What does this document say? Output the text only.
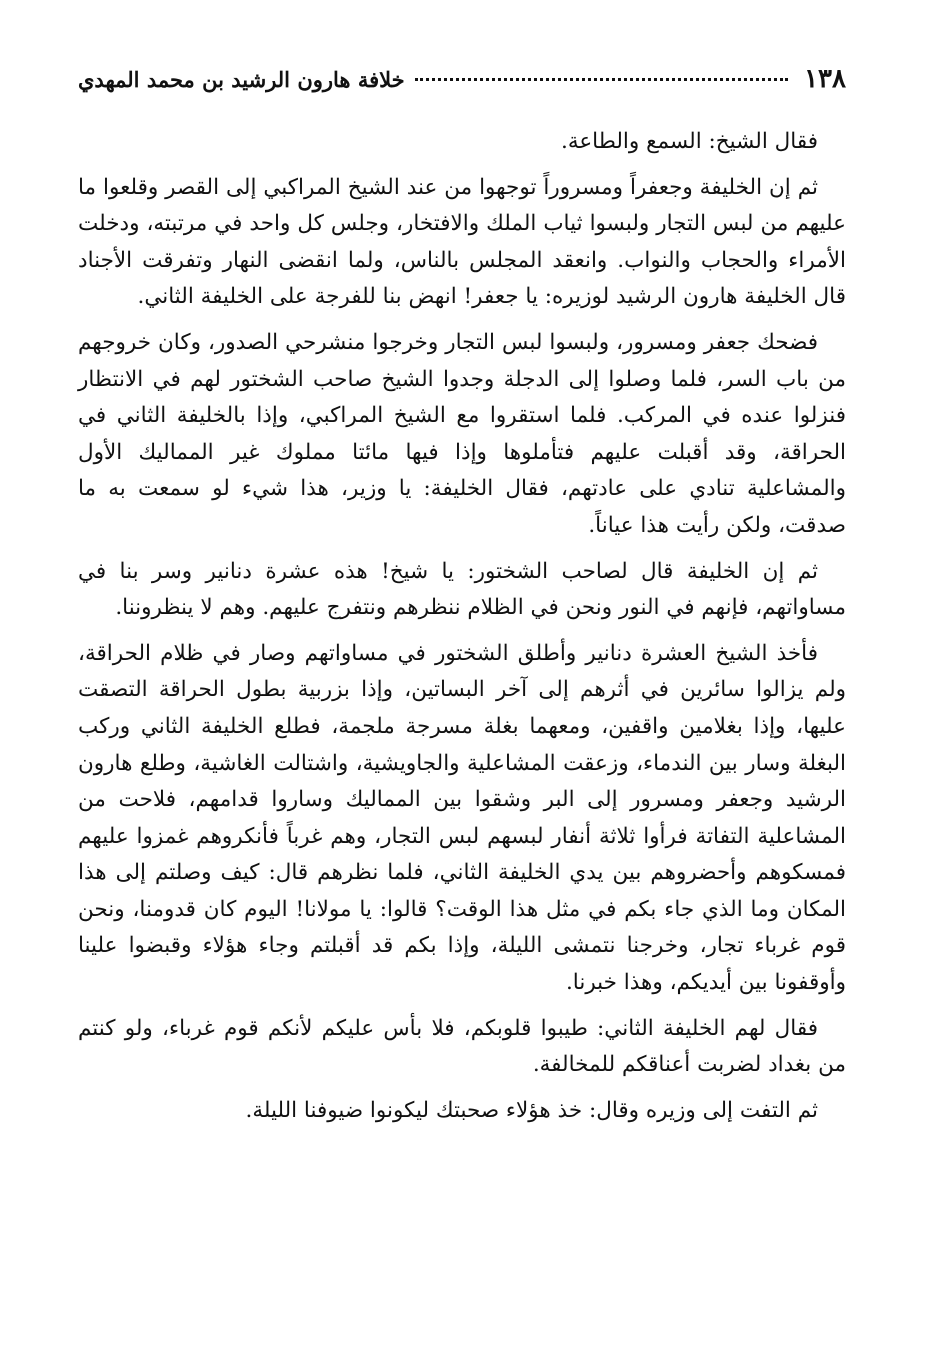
١٣٨
خلافة هارون الرشيد بن محمد المهدي

فقال الشيخ: السمع والطاعة.

ثم إن الخليفة وجعفراً ومسروراً توجهوا من عند الشيخ المراكبي إلى القصر وقلعوا ما عليهم من لبس التجار ولبسوا ثياب الملك والافتخار، وجلس كل واحد في مرتبته، ودخلت الأمراء والحجاب والنواب. وانعقد المجلس بالناس، ولما انقضى النهار وتفرقت الأجناد قال الخليفة هارون الرشيد لوزيره: يا جعفر! انهض بنا للفرجة على الخليفة الثاني.

فضحك جعفر ومسرور، ولبسوا لبس التجار وخرجوا منشرحي الصدور، وكان خروجهم من باب السر، فلما وصلوا إلى الدجلة وجدوا الشيخ صاحب الشختور لهم في الانتظار فنزلوا عنده في المركب. فلما استقروا مع الشيخ المراكبي، وإذا بالخليفة الثاني في الحراقة، وقد أقبلت عليهم فتأملوها وإذا فيها مائتا مملوك غير المماليك الأول والمشاعلية تنادي على عادتهم، فقال الخليفة: يا وزير، هذا شيء لو سمعت به ما صدقت، ولكن رأيت هذا عياناً.

ثم إن الخليفة قال لصاحب الشختور: يا شيخ! هذه عشرة دنانير وسر بنا في مساواتهم، فإنهم في النور ونحن في الظلام ننظرهم ونتفرج عليهم. وهم لا ينظروننا.

فأخذ الشيخ العشرة دنانير وأطلق الشختور في مساواتهم وصار في ظلام الحراقة، ولم يزالوا سائرين في أثرهم إلى آخر البساتين، وإذا بزربية بطول الحراقة التصقت عليها، وإذا بغلامين واقفين، ومعهما بغلة مسرجة ملجمة، فطلع الخليفة الثاني وركب البغلة وسار بين الندماء، وزعقت المشاعلية والجاويشية، واشتالت الغاشية، وطلع هارون الرشيد وجعفر ومسرور إلى البر وشقوا بين المماليك وساروا قدامهم، فلاحت من المشاعلية التفاتة فرأوا ثلاثة أنفار لبسهم لبس التجار، وهم غرباً فأنكروهم غمزوا عليهم فمسكوهم وأحضروهم بين يدي الخليفة الثاني، فلما نظرهم قال: كيف وصلتم إلى هذا المكان وما الذي جاء بكم في مثل هذا الوقت؟ قالوا: يا مولانا! اليوم كان قدومنا، ونحن قوم غرباء تجار، وخرجنا نتمشى الليلة، وإذا بكم قد أقبلتم وجاء هؤلاء وقبضوا علينا وأوقفونا بين أيديكم، وهذا خبرنا.

فقال لهم الخليفة الثاني: طيبوا قلوبكم، فلا بأس عليكم لأنكم قوم غرباء، ولو كنتم من بغداد لضربت أعناقكم للمخالفة.

ثم التفت إلى وزيره وقال: خذ هؤلاء صحبتك ليكونوا ضيوفنا الليلة.
